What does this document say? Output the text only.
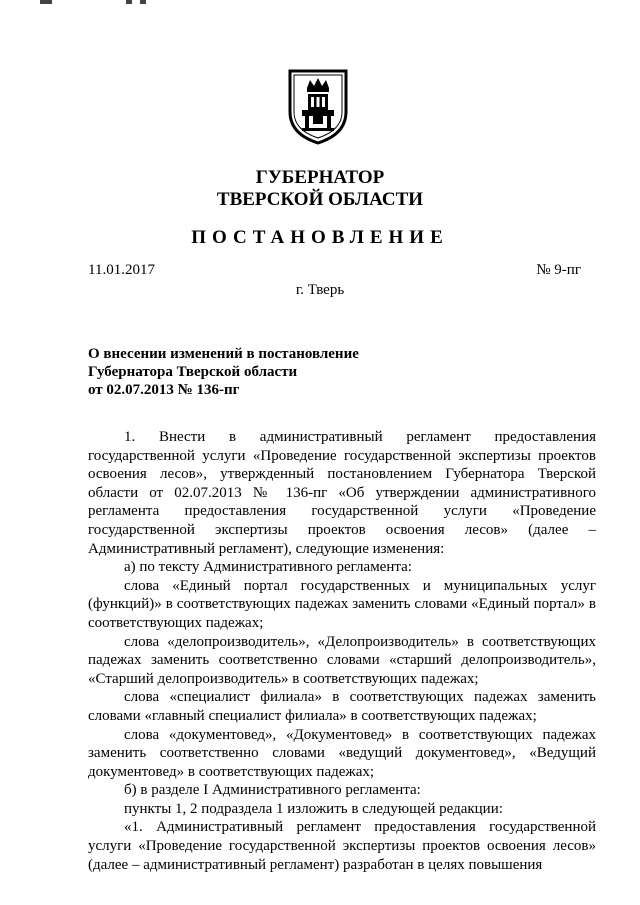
ГУБЕРНАТОР
ТВЕРСКОЙ ОБЛАСТИ
ПОСТАНОВЛЕНИЕ
11.01.2017	№ 9-пг
г. Тверь
О внесении изменений в постановление
Губернатора Тверской области
от 02.07.2013 № 136-пг

1. Внести в административный регламент предоставления государственной услуги «Проведение государственной экспертизы проектов освоения лесов», утвержденный постановлением Губернатора Тверской области от 02.07.2013 № 136-пг «Об утверждении административного регламента предоставления государственной услуги «Проведение государственной экспертизы проектов освоения лесов» (далее – Административный регламент), следующие изменения:

а) по тексту Административного регламента:

слова «Единый портал государственных и муниципальных услуг (функций)» в соответствующих падежах заменить словами «Единый портал» в соответствующих падежах;

слова «делопроизводитель», «Делопроизводитель» в соответствующих падежах заменить соответственно словами «старший делопроизводитель», «Старший делопроизводитель» в соответствующих падежах;

слова «специалист филиала» в соответствующих падежах заменить словами «главный специалист филиала» в соответствующих падежах;

слова «документовед», «Документовед» в соответствующих падежах заменить соответственно словами «ведущий документовед», «Ведущий документовед» в соответствующих падежах;

б) в разделе I Административного регламента:

пункты 1, 2 подраздела 1 изложить в следующей редакции:

«1. Административный регламент предоставления государственной услуги «Проведение государственной экспертизы проектов освоения лесов» (далее – административный регламент) разработан в целях повышения
